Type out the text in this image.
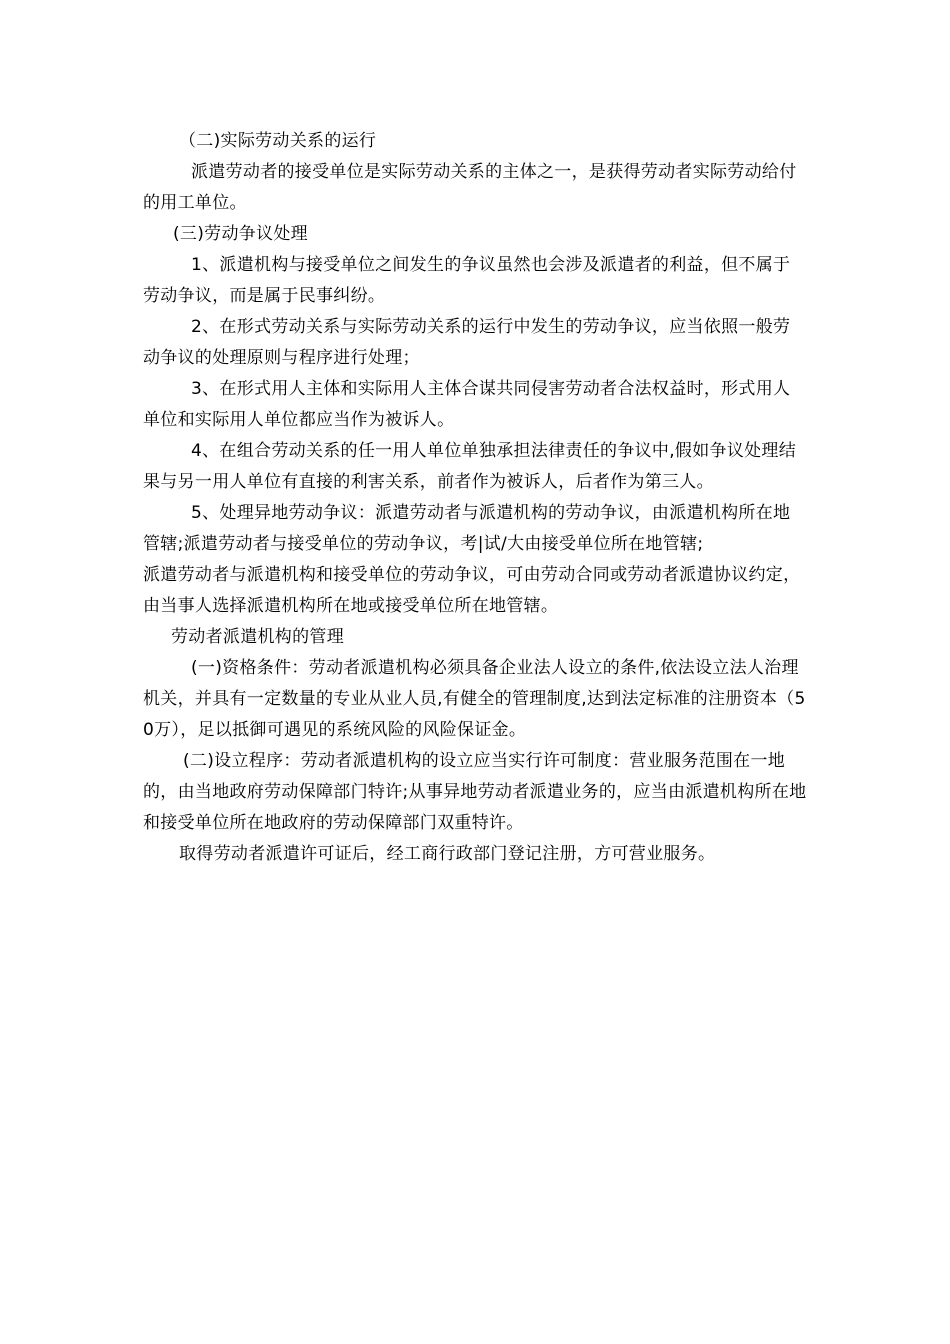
（二)实际劳动关系的运行

派遣劳动者的接受单位是实际劳动关系的主体之一，是获得劳动者实际劳动给付的用工单位。

(三)劳动争议处理

1、派遣机构与接受单位之间发生的争议虽然也会涉及派遣者的利益，但不属于劳动争议，而是属于民事纠纷。

2、在形式劳动关系与实际劳动关系的运行中发生的劳动争议，应当依照一般劳动争议的处理原则与程序进行处理；

3、在形式用人主体和实际用人主体合谋共同侵害劳动者合法权益时，形式用人单位和实际用人单位都应当作为被诉人。

4、在组合劳动关系的任一用人单位单独承担法律责任的争议中,假如争议处理结果与另一用人单位有直接的利害关系，前者作为被诉人，后者作为第三人。

5、处理异地劳动争议：派遣劳动者与派遣机构的劳动争议，由派遣机构所在地管辖;派遣劳动者与接受单位的劳动争议，考|试/大由接受单位所在地管辖;

派遣劳动者与派遣机构和接受单位的劳动争议，可由劳动合同或劳动者派遣协议约定，由当事人选择派遣机构所在地或接受单位所在地管辖。

劳动者派遣机构的管理

(一)资格条件：劳动者派遣机构必须具备企业法人设立的条件,依法设立法人治理机关，并具有一定数量的专业从业人员,有健全的管理制度,达到法定标准的注册资本（50万），足以抵御可遇见的系统风险的风险保证金。

(二)设立程序：劳动者派遣机构的设立应当实行许可制度：营业服务范围在一地的，由当地政府劳动保障部门特许;从事异地劳动者派遣业务的，应当由派遣机构所在地和接受单位所在地政府的劳动保障部门双重特许。

取得劳动者派遣许可证后，经工商行政部门登记注册，方可营业服务。
